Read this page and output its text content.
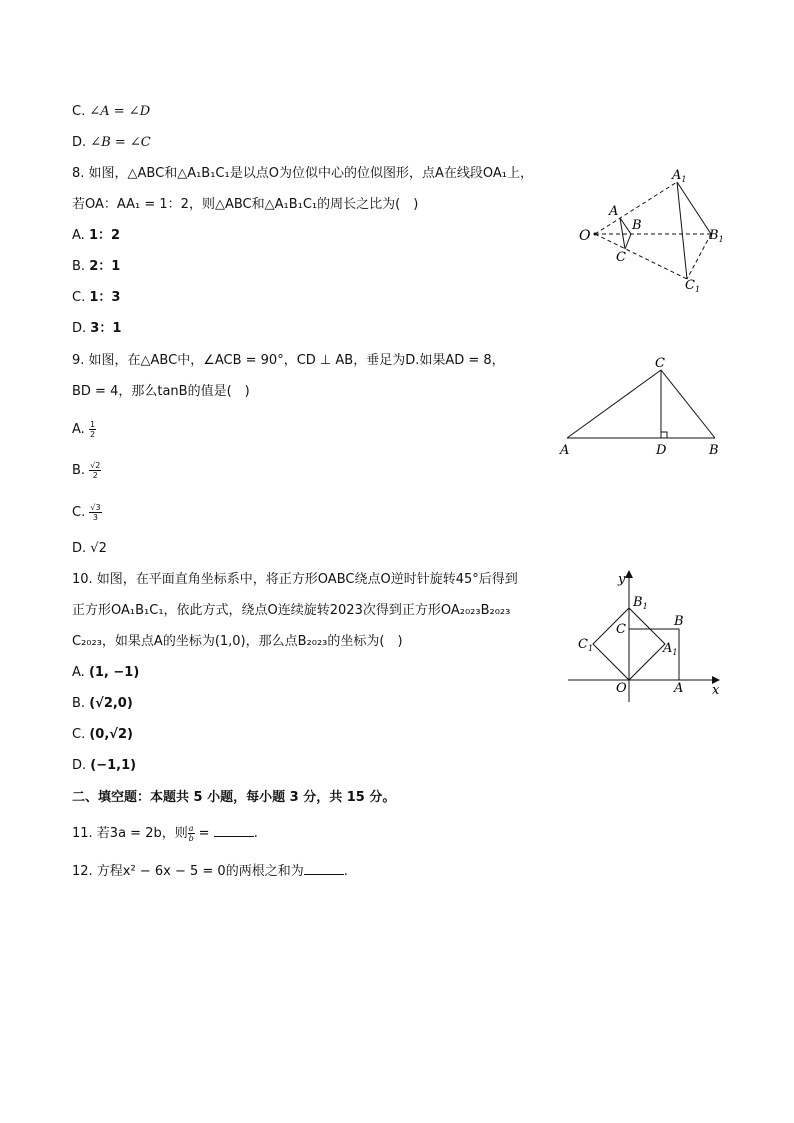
C. ∠A = ∠D
D. ∠B = ∠C
8. 如图，△ABC和△A₁B₁C₁是以点O为位似中心的位似图形，点A在线段OA₁上，
若OA：AA₁ = 1：2，则△ABC和△A₁B₁C₁的周长之比为(　)
A. 1：2
B. 2：1
C. 1：3
D. 3：1
O
A
B
C
$A_1$
$B_1$
$C_1$
9. 如图，在△ABC中，∠ACB = 90°，CD ⊥ AB，垂足为D.如果AD = 8，
BD = 4，那么tanB的值是(　)
A. $\frac{1}{2}$
B. $\frac{√2}{2}$
C. $\frac{√3}{3}$
D. √2
C
A	D	B
10. 如图，在平面直角坐标系中，将正方形OABC绕点O逆时针旋转45°后得到
正方形OA₁B₁C₁，依此方式，绕点O连续旋转2023次得到正方形OA₂₀₂₃B₂₀₂₃
C₂₀₂₃，如果点A的坐标为(1,0)，那么点B₂₀₂₃的坐标为(　)
A. (1, −1)
B. (√2,0)
C. (0,√2)
D. (−1,1)
x
y
O	A
B
C
$B_1$
$A_1$
$C_1$
二、填空题：本题共 5 小题，每小题 3 分，共 15 分。
11. 若3a = 2b，则 $\frac{a}{b}$ =	.
12. 方程x² − 6x − 5 = 0的两根之和为	.
